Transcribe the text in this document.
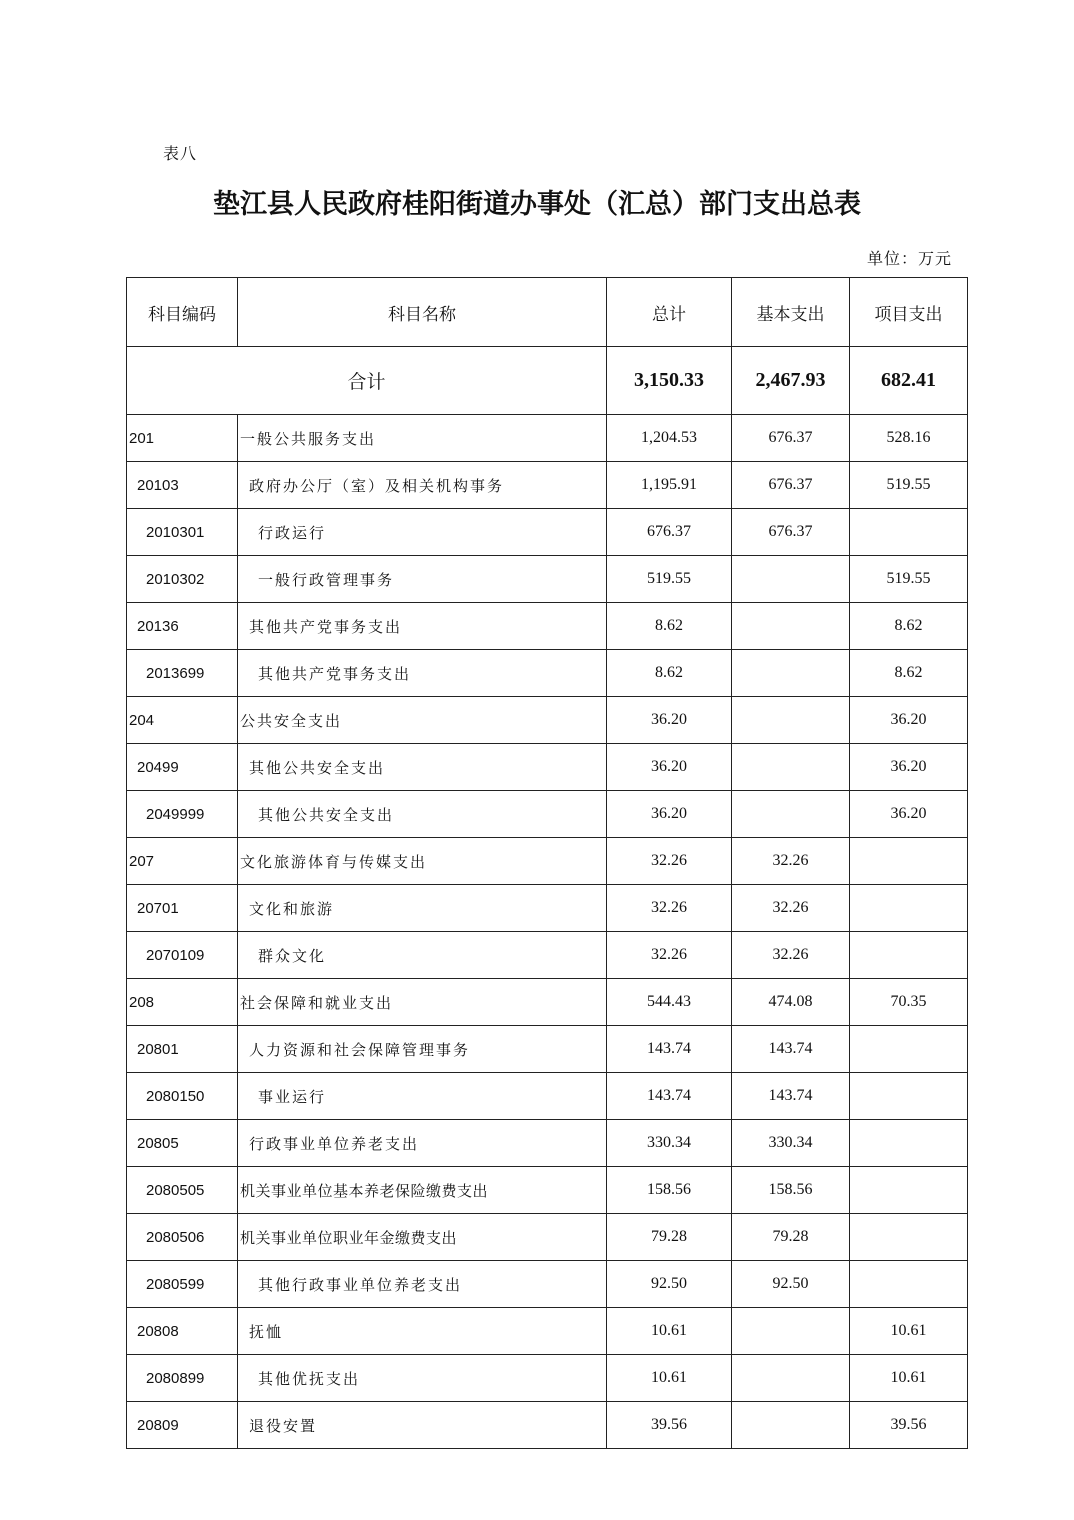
表八
垫江县人民政府桂阳街道办事处（汇总）部门支出总表
单位：万元
科目编码	科目名称	总计	基本支出	项目支出
合计		3,150.33	2,467.93	682.41
201	一般公共服务支出	1,204.53	676.37	528.16
20103	政府办公厅（室）及相关机构事务	1,195.91	676.37	519.55
2010301	行政运行	676.37	676.37	
2010302	一般行政管理事务	519.55		519.55
20136	其他共产党事务支出	8.62		8.62
2013699	其他共产党事务支出	8.62		8.62
204	公共安全支出	36.20		36.20
20499	其他公共安全支出	36.20		36.20
2049999	其他公共安全支出	36.20		36.20
207	文化旅游体育与传媒支出	32.26	32.26	
20701	文化和旅游	32.26	32.26	
2070109	群众文化	32.26	32.26	
208	社会保障和就业支出	544.43	474.08	70.35
20801	人力资源和社会保障管理事务	143.74	143.74	
2080150	事业运行	143.74	143.74	
20805	行政事业单位养老支出	330.34	330.34	
2080505	机关事业单位基本养老保险缴费支出	158.56	158.56	
2080506	机关事业单位职业年金缴费支出	79.28	79.28	
2080599	其他行政事业单位养老支出	92.50	92.50	
20808	抚恤	10.61		10.61
2080899	其他优抚支出	10.61		10.61
20809	退役安置	39.56		39.56
